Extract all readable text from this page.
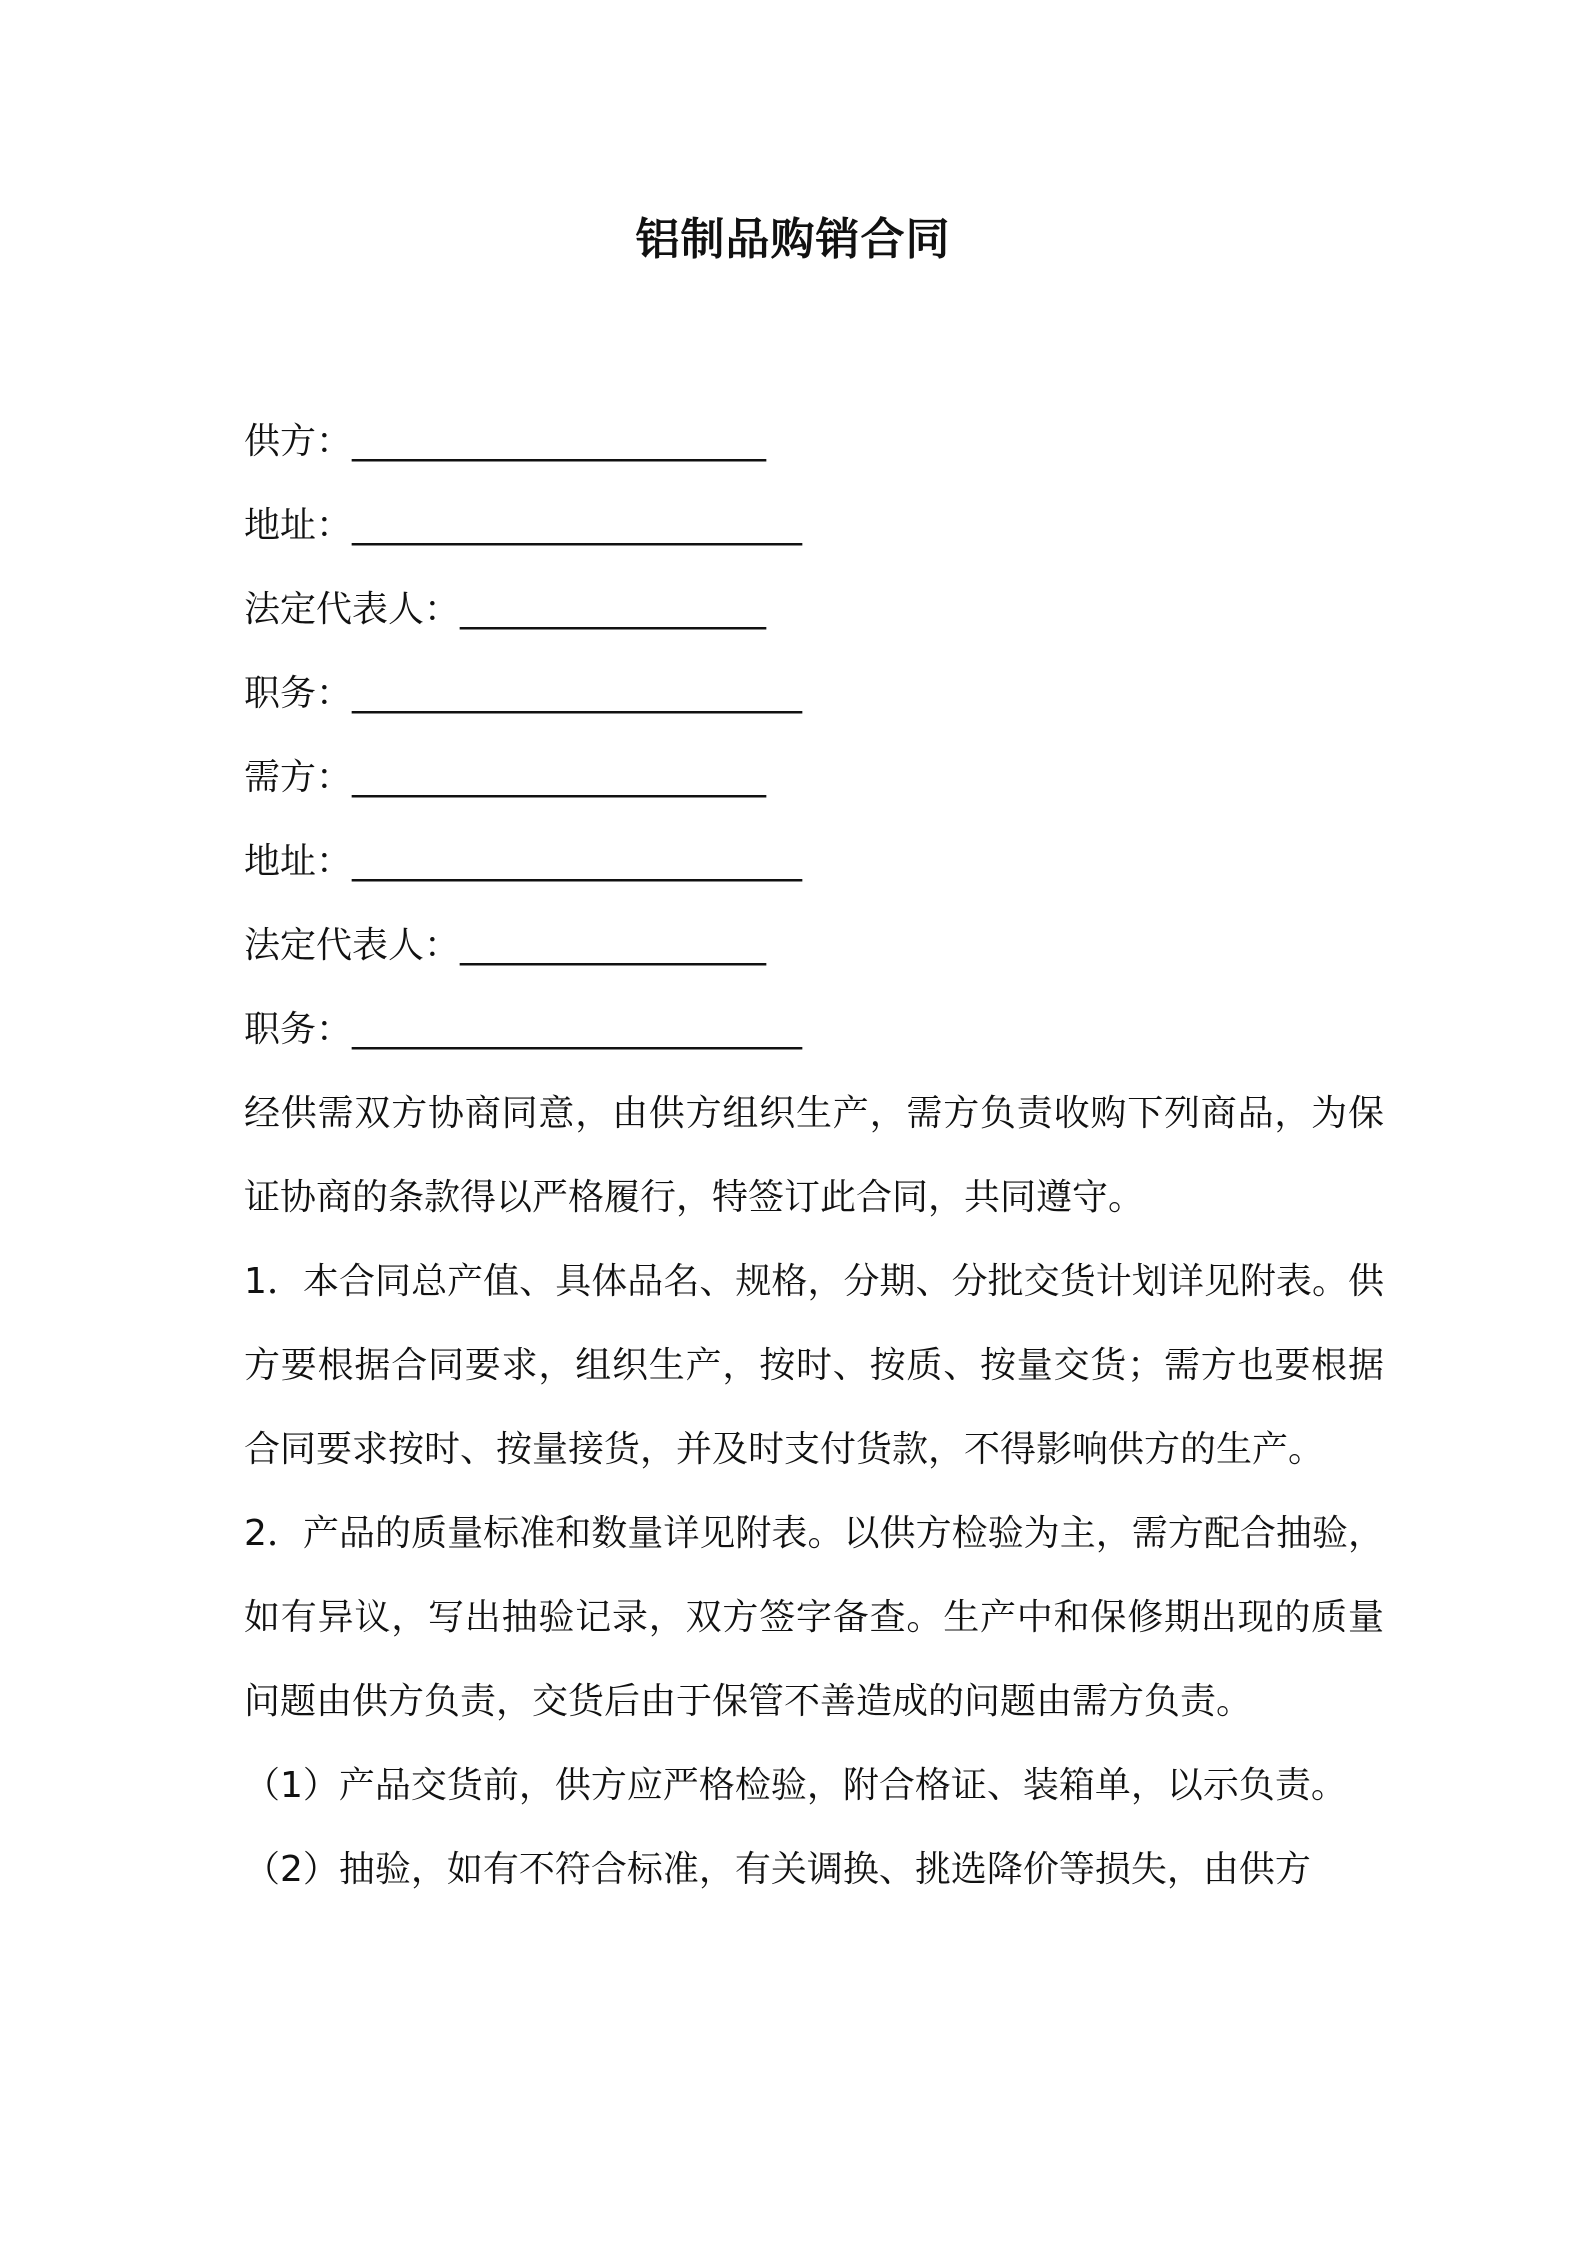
铝制品购销合同
供方：_______________________
地址：_________________________
法定代表人：_________________
职务：_________________________
需方：_______________________
地址：_________________________
法定代表人：_________________
职务：_________________________

经供需双方协商同意，由供方组织生产，需方负责收购下列商品，为保证协商的条款得以严格履行，特签订此合同，共同遵守。

1．本合同总产值、具体品名、规格，分期、分批交货计划详见附表。供方要根据合同要求，组织生产，按时、按质、按量交货；需方也要根据合同要求按时、按量接货，并及时支付货款，不得影响供方的生产。

2．产品的质量标准和数量详见附表。以供方检验为主，需方配合抽验，如有异议，写出抽验记录，双方签字备查。生产中和保修期出现的质量问题由供方负责，交货后由于保管不善造成的问题由需方负责。

（1）产品交货前，供方应严格检验，附合格证、装箱单，以示负责。

（2）抽验，如有不符合标准，有关调换、挑选降价等损失，由供方
